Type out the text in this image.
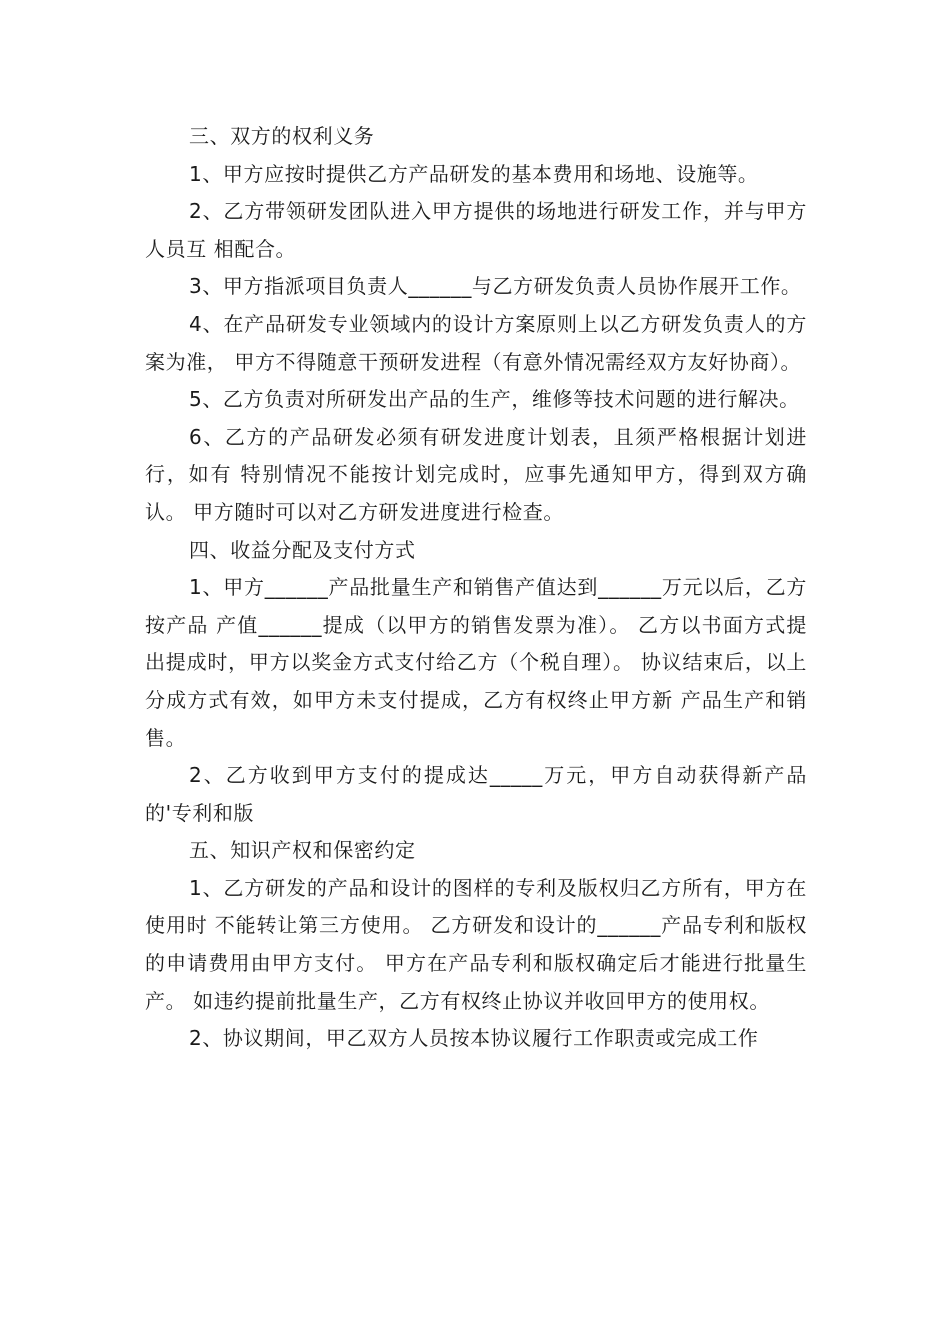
三、双方的权利义务

1、甲方应按时提供乙方产品研发的基本费用和场地、设施等。

2、乙方带领研发团队进入甲方提供的场地进行研发工作，并与甲方人员互 相配合。

3、甲方指派项目负责人______与乙方研发负责人员协作展开工作。

4、在产品研发专业领域内的设计方案原则上以乙方研发负责人的方案为准， 甲方不得随意干预研发进程（有意外情况需经双方友好协商）。

5、乙方负责对所研发出产品的生产，维修等技术问题的进行解决。

6、乙方的产品研发必须有研发进度计划表，且须严格根据计划进行，如有 特别情况不能按计划完成时，应事先通知甲方，得到双方确认。 甲方随时可以对乙方研发进度进行检查。

四、收益分配及支付方式

1、甲方______产品批量生产和销售产值达到______万元以后，乙方按产品 产值______提成（以甲方的销售发票为准）。 乙方以书面方式提出提成时，甲方以奖金方式支付给乙方（个税自理）。 协议结束后，以上分成方式有效，如甲方未支付提成，乙方有权终止甲方新 产品生产和销售。

2、乙方收到甲方支付的提成达_____万元，甲方自动获得新产品的'专利和版

五、知识产权和保密约定

1、乙方研发的产品和设计的图样的专利及版权归乙方所有，甲方在使用时 不能转让第三方使用。 乙方研发和设计的______产品专利和版权的申请费用由甲方支付。 甲方在产品专利和版权确定后才能进行批量生产。 如违约提前批量生产，乙方有权终止协议并收回甲方的使用权。

2、协议期间，甲乙双方人员按本协议履行工作职责或完成工作
